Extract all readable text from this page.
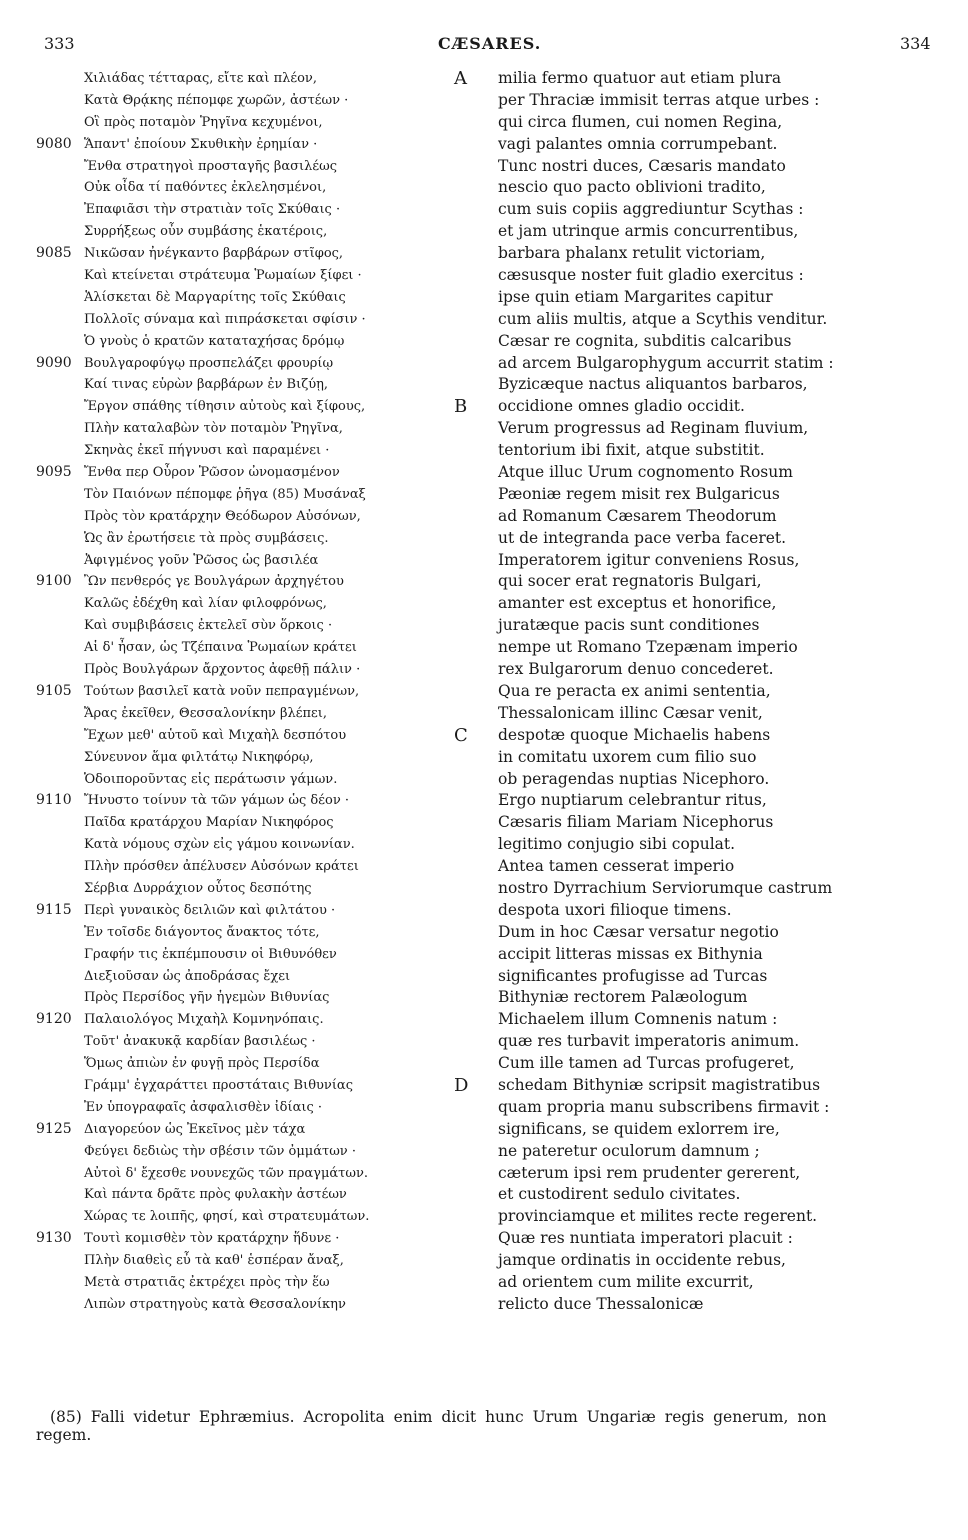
333	CÆSARES.	334
Χιλιάδας τέτταρας, εἴτε καὶ πλέον,
Κατὰ Θρᾴκης πέπομφε χωρῶν, ἀστέων ·
Οἳ πρὸς ποταμὸν Ῥηγῖνα κεχυμένοι,
9080 Ἅπαντ' ἐποίουν Σκυθικὴν ἐρημίαν ·
Ἔνθα στρατηγοὶ προσταγῆς βασιλέως
Οὐκ οἶδα τί παθόντες ἐκλελησμένοι,
Ἐπαφιᾶσι τὴν στρατιὰν τοῖς Σκύθαις ·
Συρρήξεως οὖν συμβάσης ἑκατέροις,
9085 Νικῶσαν ἠνέγκαντο βαρβάρων στῖφος,
Καὶ κτείνεται στράτευμα Ῥωμαίων ξίφει ·
Ἁλίσκεται δὲ Μαργαρίτης τοῖς Σκύθαις
Πολλοῖς σύναμα καὶ πιπράσκεται σφίσιν ·
Ὁ γνοὺς ὁ κρατῶν καταταχήσας δρόμῳ
9090 Βουλγαροφύγῳ προσπελάζει φρουρίῳ
Καί τινας εὑρὼν βαρβάρων ἐν Βιζύῃ,
Ἔργον σπάθης τίθησιν αὐτοὺς καὶ ξίφους,
Πλὴν καταλαβὼν τὸν ποταμὸν Ῥηγῖνα,
Σκηνὰς ἐκεῖ πήγνυσι καὶ παραμένει ·
9095 Ἔνθα περ Οὖρον Ῥῶσον ὠνομασμένον
Τὸν Παιόνων πέπομφε ῥῆγα (85) Μυσάναξ
Πρὸς τὸν κρατάρχην Θεόδωρον Αὐσόνων,
Ὡς ἂν ἐρωτήσειε τὰ πρὸς συμβάσεις.
Ἀφιγμένος γοῦν Ῥῶσος ὡς βασιλέα
9100 Ὢν πενθερός γε Βουλγάρων ἀρχηγέτου
Καλῶς ἐδέχθη καὶ λίαν φιλοφρόνως,
Καὶ συμβιβάσεις ἐκτελεῖ σὺν ὅρκοις ·
Αἱ δ' ἦσαν, ὡς Τζέπαινα Ῥωμαίων κράτει
Πρὸς Βουλγάρων ἄρχοντος ἀφεθῇ πάλιν ·
9105 Τούτων βασιλεῖ κατὰ νοῦν πεπραγμένων,
Ἄρας ἐκεῖθεν, Θεσσαλονίκην βλέπει,
Ἔχων μεθ' αὑτοῦ καὶ Μιχαὴλ δεσπότου
Σύνευνον ἅμα φιλτάτῳ Νικηφόρῳ,
Ὁδοιποροῦντας εἰς περάτωσιν γάμων.
9110 Ἤνυστο τοίνυν τὰ τῶν γάμων ὡς δέον ·
Παῖδα κρατάρχου Μαρίαν Νικηφόρος
Κατὰ νόμους σχὼν εἰς γάμου κοινωνίαν.
Πλὴν πρόσθεν ἀπέλυσεν Αὐσόνων κράτει
Σέρβια Δυρράχιον οὗτος δεσπότης
9115 Περὶ γυναικὸς δειλιῶν καὶ φιλτάτου ·
Ἐν τοῖσδε διάγοντος ἄνακτος τότε,
Γραφήν τις ἐκπέμπουσιν οἱ Βιθυνόθεν
Διεξιοῦσαν ὡς ἀποδράσας ἔχει
Πρὸς Περσίδος γῆν ἡγεμὼν Βιθυνίας
9120 Παλαιολόγος Μιχαὴλ Κομνηνόπαις.
Τοῦτ' ἀνακυκᾷ καρδίαν βασιλέως ·
Ὅμως ἀπιὼν ἐν φυγῇ πρὸς Περσίδα
Γράμμ' ἐγχαράττει προστάταις Βιθυνίας
Ἐν ὑπογραφαῖς ἀσφαλισθὲν ἰδίαις ·
9125 Διαγορεύον ὡς Ἐκεῖνος μὲν τάχα
Φεύγει δεδιὼς τὴν σβέσιν τῶν ὀμμάτων ·
Αὐτοὶ δ' ἔχεσθε νουνεχῶς τῶν πραγμάτων.
Καὶ πάντα δρᾶτε πρὸς φυλακὴν ἀστέων
Χώρας τε λοιπῆς, φησί, καὶ στρατευμάτων.
9130 Τουτὶ κομισθὲν τὸν κρατάρχην ἥδυνε ·
Πλὴν διαθεὶς εὖ τὰ καθ' ἑσπέραν ἄναξ,
Μετὰ στρατιᾶς ἐκτρέχει πρὸς τὴν ἕω
Λιπὼν στρατηγοὺς κατὰ Θεσσαλονίκην
A milia fermo quatuor aut etiam plura
per Thraciæ immisit terras atque urbes :
qui circa flumen, cui nomen Regina,
vagi palantes omnia corrumpebant.
Tunc nostri duces, Cæsaris mandato
nescio quo pacto oblivioni tradito,
cum suis copiis aggrediuntur Scythas :
et jam utrinque armis concurrentibus,
barbara phalanx retulit victoriam,
cæsusque noster fuit gladio exercitus :
ipse quin etiam Margarites capitur
cum aliis multis, atque a Scythis venditur.
Cæsar re cognita, subditis calcaribus
ad arcem Bulgarophygum accurrit statim :
Byzicæque nactus aliquantos barbaros,
B occidione omnes gladio occidit.
Verum progressus ad Reginam fluvium,
tentorium ibi fixit, atque substitit.
Atque illuc Urum cognomento Rosum
Pæoniæ regem misit rex Bulgaricus
ad Romanum Cæsarem Theodorum
ut de integranda pace verba faceret.
Imperatorem igitur conveniens Rosus,
qui socer erat regnatoris Bulgari,
amanter est exceptus et honorifice,
juratæque pacis sunt conditiones
nempe ut Romano Tzepænam imperio
rex Bulgarorum denuo concederet.
Qua re peracta ex animi sententia,
Thessalonicam illinc Cæsar venit,
C despotæ quoque Michaelis habens
in comitatu uxorem cum filio suo
ob peragendas nuptias Nicephoro.
Ergo nuptiarum celebrantur ritus,
Cæsaris filiam Mariam Nicephorus
legitimo conjugio sibi copulat.
Antea tamen cesserat imperio
nostro Dyrrachium Serviorumque castrum
despota uxori filioque timens.
Dum in hoc Cæsar versatur negotio
accipit litteras missas ex Bithynia
significantes profugisse ad Turcas
Bithyniæ rectorem Palæologum
Michaelem illum Comnenis natum :
quæ res turbavit imperatoris animum.
Cum ille tamen ad Turcas profugeret,
D schedam Bithyniæ scripsit magistratibus
quam propria manu subscribens firmavit :
significans, se quidem exlorrem ire,
ne pateretur oculorum damnum ;
cæterum ipsi rem prudenter gererent,
et custodirent sedulo civitates.
provinciamque et milites recte regerent.
Quæ res nuntiata imperatori placuit :
jamque ordinatis in occidente rebus,
ad orientem cum milite excurrit,
relicto duce Thessalonicæ
(85) Falli videtur Ephræmius. Acropolita enim dicit hunc Urum Ungariæ regis generum, non
regem.
